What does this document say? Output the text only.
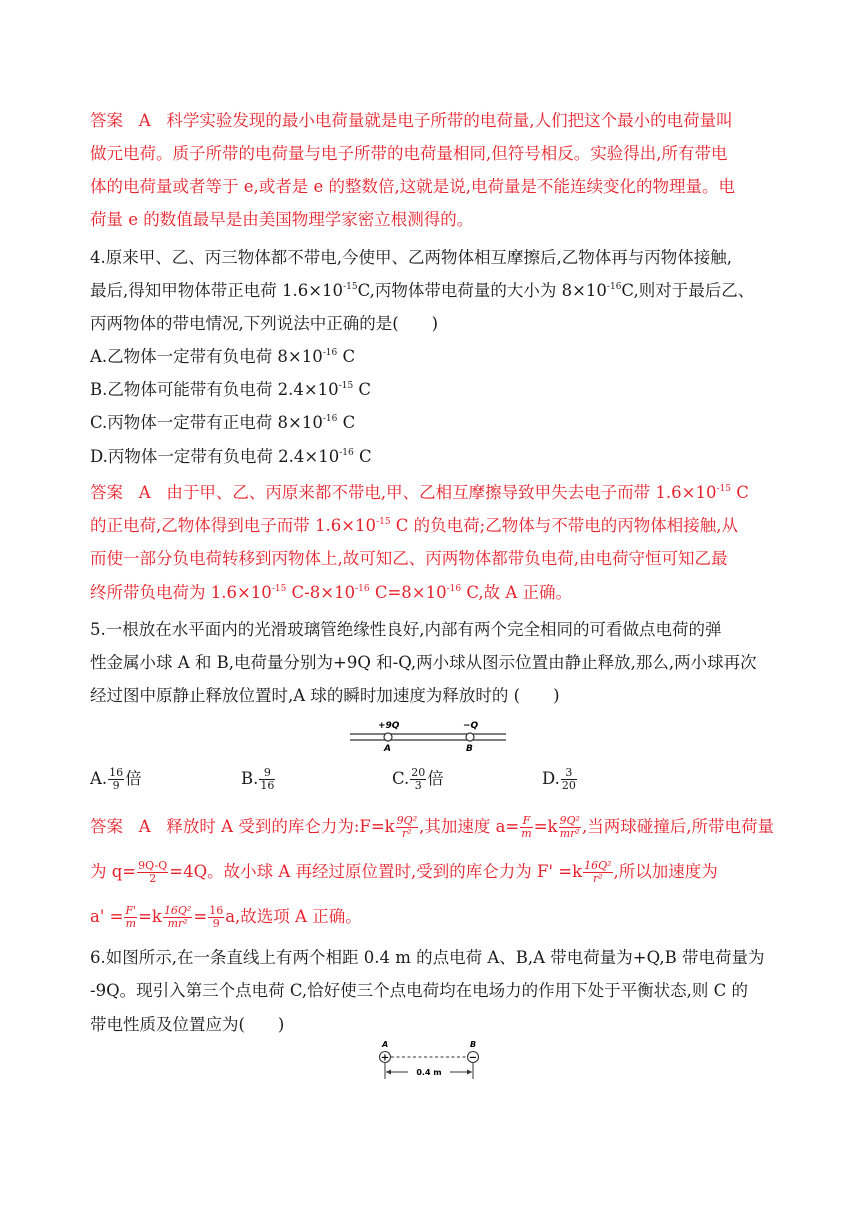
答案 A 科学实验发现的最小电荷量就是电子所带的电荷量,人们把这个最小的电荷量叫
做元电荷。质子所带的电荷量与电子所带的电荷量相同,但符号相反。实验得出,所有带电
体的电荷量或者等于 e,或者是 e 的整数倍,这就是说,电荷量是不能连续变化的物理量。电
荷量 e 的数值最早是由美国物理学家密立根测得的。
4.原来甲、乙、丙三物体都不带电,今使甲、乙两物体相互摩擦后,乙物体再与丙物体接触,
最后,得知甲物体带正电荷 $1.6\times 10^{-15}C$,丙物体带电荷量的大小为 $8\times 10^{-16}C$,则对于最后乙、
丙两物体的带电情况,下列说法中正确的是(　　)
A.乙物体一定带有负电荷 $8\times 10^{-16}$ C
B.乙物体可能带有负电荷 $2.4\times 10^{-15}$ C
C.丙物体一定带有正电荷 $8\times 10^{-16}$ C
D.丙物体一定带有负电荷 $2.4\times 10^{-16}$ C
答案 A 由于甲、乙、丙原来都不带电,甲、乙相互摩擦导致甲失去电子而带 $1.6\times 10^{-15}$ C
的正电荷,乙物体得到电子而带 $1.6\times 10^{-15}$ C 的负电荷;乙物体与不带电的丙物体相接触,从
而使一部分负电荷转移到丙物体上,故可知乙、丙两物体都带负电荷,由电荷守恒可知乙最
终所带负电荷为 $1.6\times 10^{-15}$ $C-8\times 10^{-16}$ $C=8\times 10^{-16}$ C,故 A 正确。
5.一根放在水平面内的光滑玻璃管绝缘性良好,内部有两个完全相同的可看做点电荷的弹
性金属小球 A 和 B,电荷量分别为+9Q 和-Q,两小球从图示位置由静止释放,那么,两小球再次
经过图中原静止释放位置时,A 球的瞬时加速度为释放时的 (　　)
+9Q	−Q
A	B
A. $\frac{16}{9}$ 倍	B. $\frac{9}{16}$	C. $\frac{20}{3}$ 倍	D. $\frac{3}{20}$
答案 A 释放时 A 受到的库仑力为:F=k $\frac{\text{9Q²}}{\text{r²}}$ ,其加速度 $a= \frac{F}{m} =k \frac{\text{9Q²}}{\text{mr²}}$ ,当两球碰撞后,所带电荷量
为 $q= \frac{9Q-Q}{2} =4Q$。故小球 A 再经过原位置时,受到的库仑力为 $F' =k \frac{\text{16Q²}}{\text{r²}}$ ,所以加速度为
$a' = \frac{F'}{m} =k \frac{\text{16Q²}}{\text{mr²}} = \frac{16}{9} a$,故选项 A 正确。
6.如图所示,在一条直线上有两个相距 0.4 m 的点电荷 A、B,A 带电荷量为+Q,B 带电荷量为
-9Q。现引入第三个点电荷 C,恰好使三个点电荷均在电场力的作用下处于平衡状态,则 C 的
带电性质及位置应为(　　)
A	B
+	−
0.4 m
